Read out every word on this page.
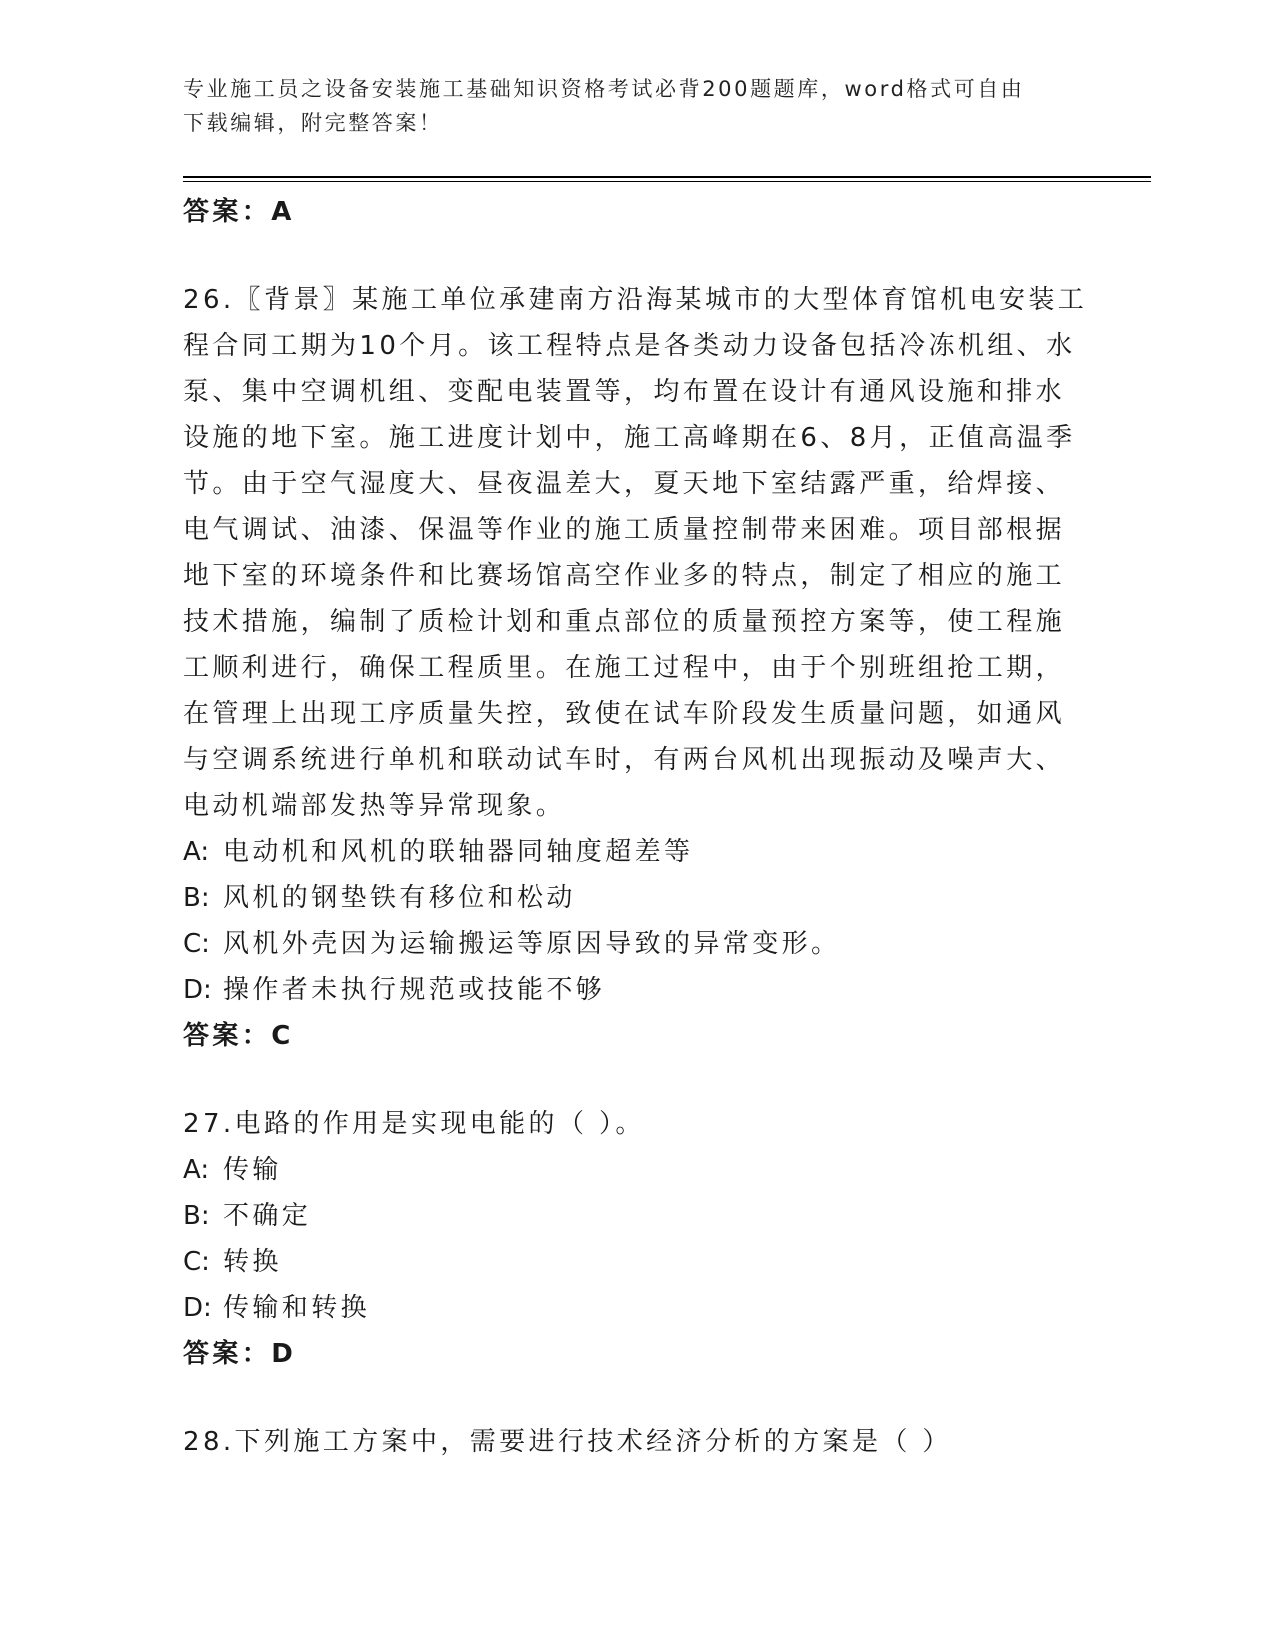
专业施工员之设备安装施工基础知识资格考试必背200题题库，word格式可自由
下载编辑，附完整答案！
答案：A
26.〖背景〗某施工单位承建南方沿海某城市的大型体育馆机电安装工
程合同工期为10个月。该工程特点是各类动力设备包括冷冻机组、水
泵、集中空调机组、变配电装置等，均布置在设计有通风设施和排水
设施的地下室。施工进度计划中，施工高峰期在6、8月，正值高温季
节。由于空气湿度大、昼夜温差大，夏天地下室结露严重，给焊接、
电气调试、油漆、保温等作业的施工质量控制带来困难。项目部根据
地下室的环境条件和比赛场馆高空作业多的特点，制定了相应的施工
技术措施，编制了质检计划和重点部位的质量预控方案等，使工程施
工顺利进行，确保工程质里。在施工过程中，由于个别班组抢工期，
在管理上出现工序质量失控，致使在试车阶段发生质量问题，如通风
与空调系统进行单机和联动试车时，有两台风机出现振动及噪声大、
电动机端部发热等异常现象。
A: 电动机和风机的联轴器同轴度超差等
B: 风机的钢垫铁有移位和松动
C: 风机外壳因为运输搬运等原因导致的异常变形。
D: 操作者未执行规范或技能不够
答案：C
27.电路的作用是实现电能的（ ）。
A: 传输
B: 不确定
C: 转换
D: 传输和转换
答案：D
28.下列施工方案中，需要进行技术经济分析的方案是（ ）
